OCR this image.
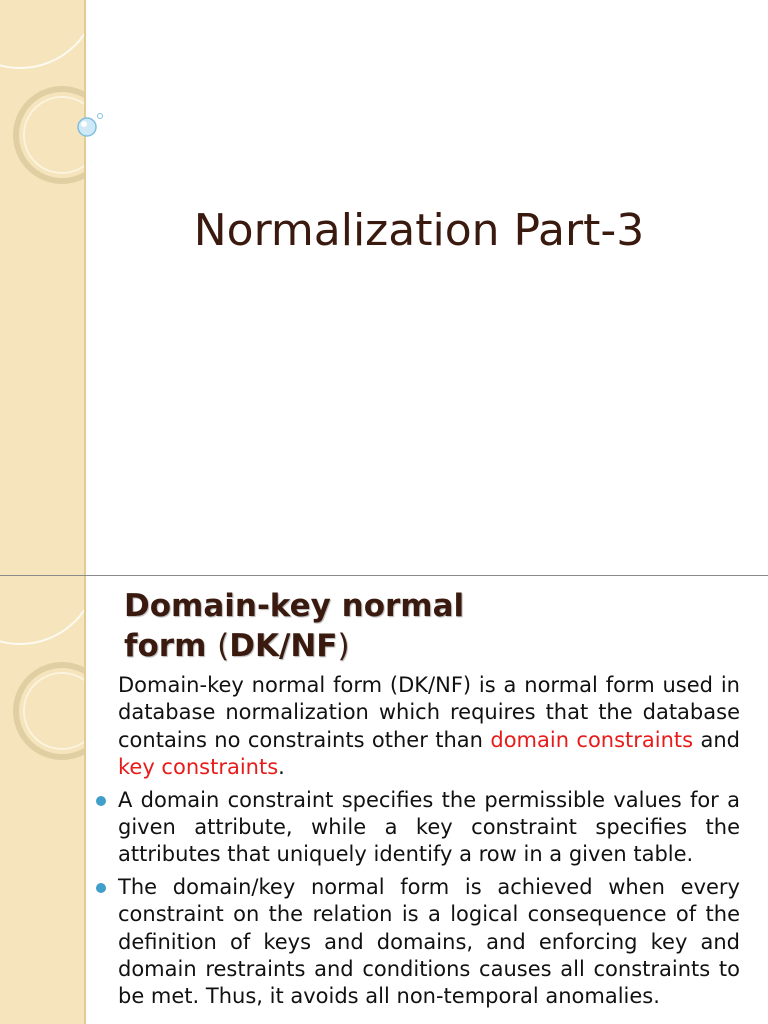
Normalization Part-3
Domain-key normal
form (DK/NF)

Domain-key normal form (DK/NF) is a normal form used in database normalization which requires that the database contains no constraints other than domain constraints and key constraints.

A domain constraint specifies the permissible values for a given attribute, while a key constraint specifies the attributes that uniquely identify a row in a given table.

The domain/key normal form is achieved when every constraint on the relation is a logical consequence of the definition of keys and domains, and enforcing key and domain restraints and conditions causes all constraints to be met. Thus, it avoids all non-temporal anomalies.
